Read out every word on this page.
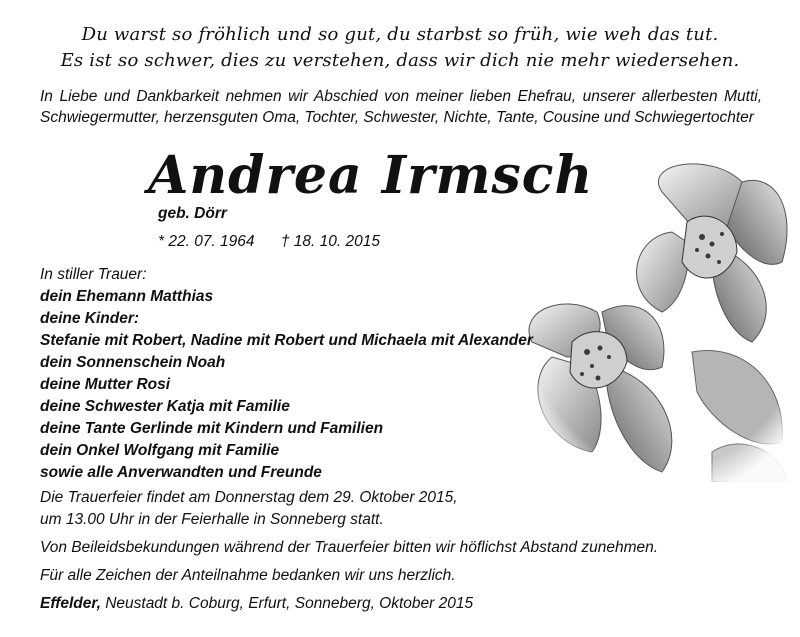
Du warst so fröhlich und so gut, du starbst so früh, wie weh das tut.
Es ist so schwer, dies zu verstehen, dass wir dich nie mehr wiedersehen.
In Liebe und Dankbarkeit nehmen wir Abschied von meiner lieben Ehefrau, unserer allerbesten Mutti, Schwiegermutter, herzensguten Oma, Tochter, Schwester, Nichte, Tante, Cousine und Schwiegertochter
Andrea Irmsch
geb. Dörr
* 22. 07. 1964 † 18. 10. 2015
In stiller Trauer:
dein Ehemann Matthias
deine Kinder:
Stefanie mit Robert, Nadine mit Robert und Michaela mit Alexander
dein Sonnenschein Noah
deine Mutter Rosi
deine Schwester Katja mit Familie
deine Tante Gerlinde mit Kindern und Familien
dein Onkel Wolfgang mit Familie
sowie alle Anverwandten und Freunde

Die Trauerfeier findet am Donnerstag dem 29. Oktober 2015,

um 13.00 Uhr in der Feierhalle in Sonneberg statt.

Von Beileidsbekundungen während der Trauerfeier bitten wir höflichst Abstand zunehmen.

Für alle Zeichen der Anteilnahme bedanken wir uns herzlich.

Effelder, Neustadt b. Coburg, Erfurt, Sonneberg, Oktober 2015
